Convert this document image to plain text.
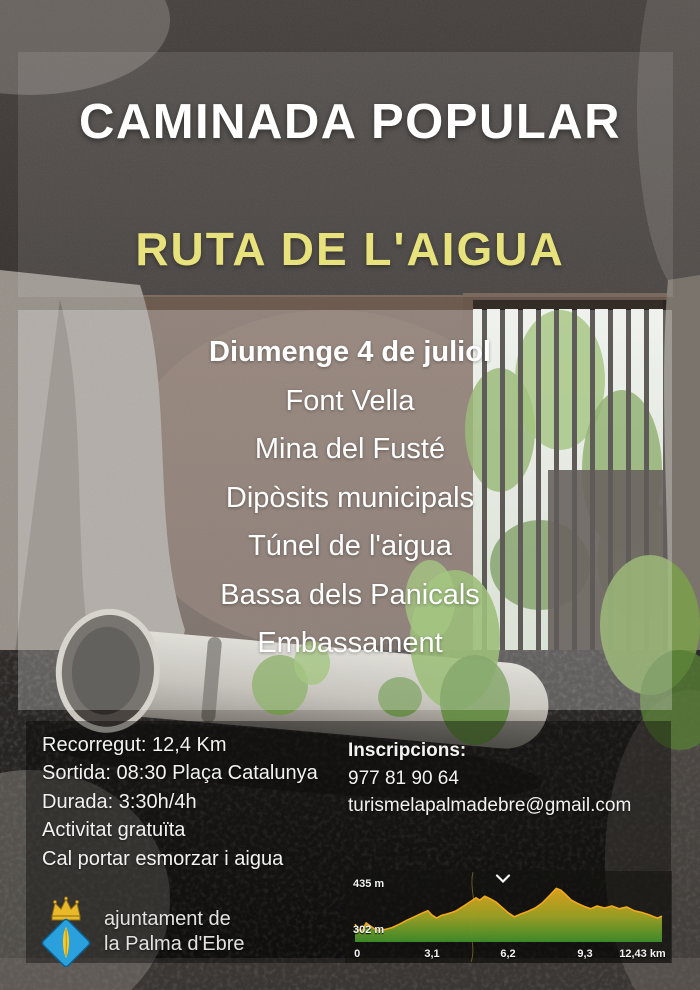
CAMINADA POPULAR
RUTA DE L'AIGUA
Diumenge 4 de juliol
Font Vella
Mina del Fusté
Dipòsits municipals
Túnel de l'aigua
Bassa dels Panicals
Embassament
Recorregut: 12,4 Km
Sortida: 08:30 Plaça Catalunya
Durada: 3:30h/4h
Activitat gratuïta
Cal portar esmorzar i aigua
Inscripcions:
977 81 90 64
turismelapalmadebre@gmail.com
ajuntament de
la Palma d'Ebre
435 m
302 m
0	3,1	6,2	9,3 12,43 km
